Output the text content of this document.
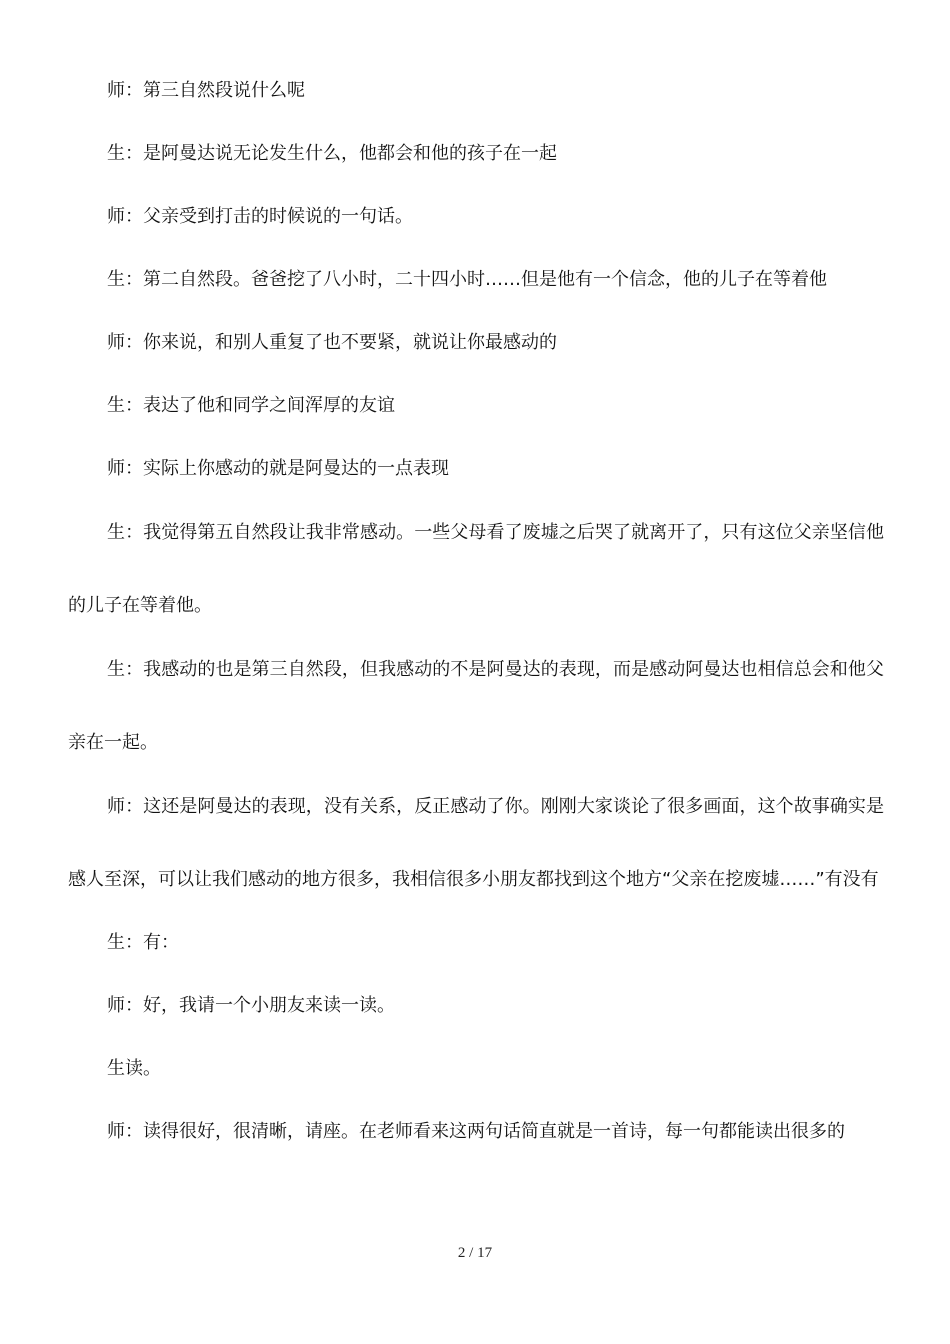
师：第三自然段说什么呢

生：是阿曼达说无论发生什么，他都会和他的孩子在一起

师：父亲受到打击的时候说的一句话。

生：第二自然段。爸爸挖了八小时，二十四小时……但是他有一个信念，他的儿子在等着他

师：你来说，和别人重复了也不要紧，就说让你最感动的

生：表达了他和同学之间浑厚的友谊

师：实际上你感动的就是阿曼达的一点表现

生：我觉得第五自然段让我非常感动。一些父母看了废墟之后哭了就离开了，只有这位父亲坚信他的儿子在等着他。

生：我感动的也是第三自然段，但我感动的不是阿曼达的表现，而是感动阿曼达也相信总会和他父亲在一起。

师：这还是阿曼达的表现，没有关系，反正感动了你。刚刚大家谈论了很多画面，这个故事确实是感人至深，可以让我们感动的地方很多，我相信很多小朋友都找到这个地方“父亲在挖废墟……”有没有

生：有：

师：好，我请一个小朋友来读一读。

生读。

师：读得很好，很清晰，请座。在老师看来这两句话简直就是一首诗，每一句都能读出很多的

2 / 17
